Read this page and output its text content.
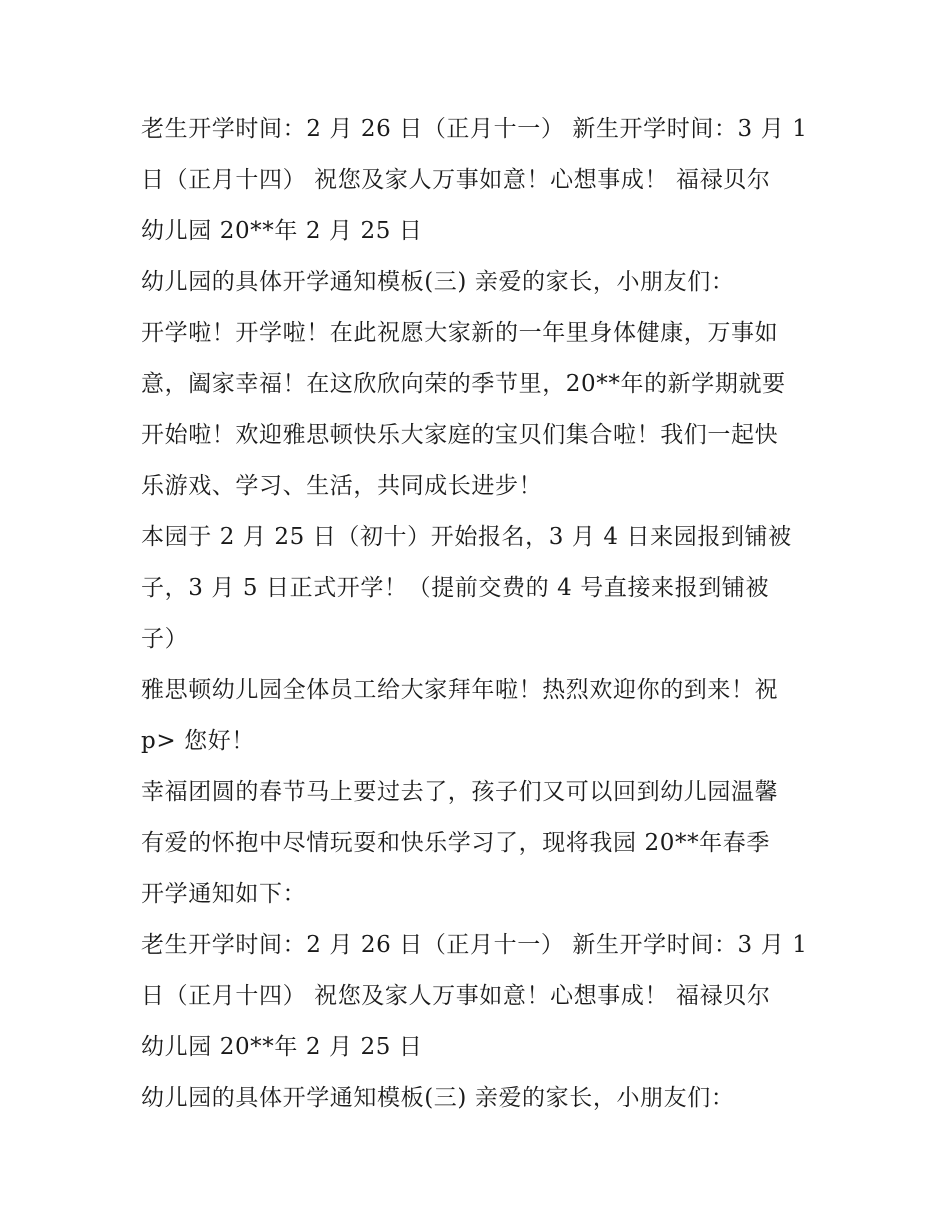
老生开学时间：2 月 26 日（正月十一） 新生开学时间：3 月 1
日（正月十四） 祝您及家人万事如意！心想事成！ 福禄贝尔
幼儿园 20**年 2 月 25 日
幼儿园的具体开学通知模板(三) 亲爱的家长，小朋友们：
开学啦！开学啦！在此祝愿大家新的一年里身体健康，万事如
意，阖家幸福！在这欣欣向荣的季节里，20**年的新学期就要
开始啦！欢迎雅思顿快乐大家庭的宝贝们集合啦！我们一起快
乐游戏、学习、生活，共同成长进步！
本园于 2 月 25 日（初十）开始报名，3 月 4 日来园报到铺被
子，3 月 5 日正式开学！（提前交费的 4 号直接来报到铺被
子）
雅思顿幼儿园全体员工给大家拜年啦！热烈欢迎你的到来！祝
p> 您好！
幸福团圆的春节马上要过去了，孩子们又可以回到幼儿园温馨
有爱的怀抱中尽情玩耍和快乐学习了，现将我园 20**年春季
开学通知如下：
老生开学时间：2 月 26 日（正月十一） 新生开学时间：3 月 1
日（正月十四） 祝您及家人万事如意！心想事成！ 福禄贝尔
幼儿园 20**年 2 月 25 日
幼儿园的具体开学通知模板(三) 亲爱的家长，小朋友们：
